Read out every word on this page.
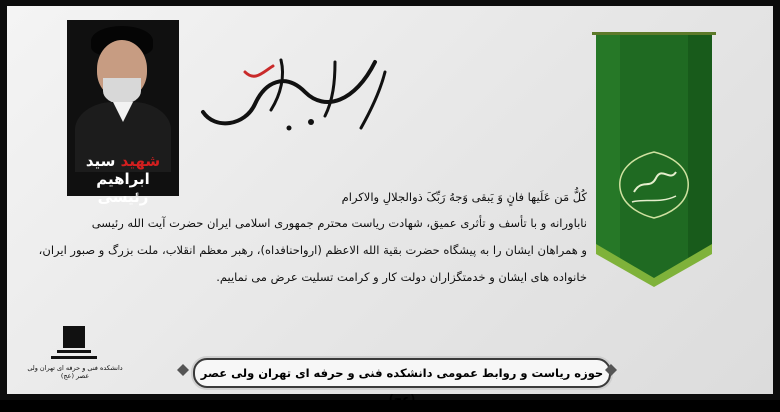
شهید سید ابراهیم رئیسی	کُلُّ مَن عَلَیها فانٍ وَ یَبقی وَجهُ رَبِّکَ ذوالجلالِ والاکرام

ناباورانه و با تأسف و تأثری عمیق، شهادت ریاست محترم جمهوری اسلامی ایران حضرت آیت الله رئیسی

و همراهان ایشان را به پیشگاه حضرت بقیة الله الاعظم (ارواحنافداه)، رهبر معظم انقلاب، ملت بزرگ و صبور ایران،

خانواده های ایشان و خدمتگزاران دولت کار و کرامت تسلیت عرض می نماییم.

دانشکده فنی و حرفه ای تهران ولی عصر (عج)	حوزه ریاست و روابط عمومی دانشکده فنی و حرفه ای تهران ولی عصر (عج)
